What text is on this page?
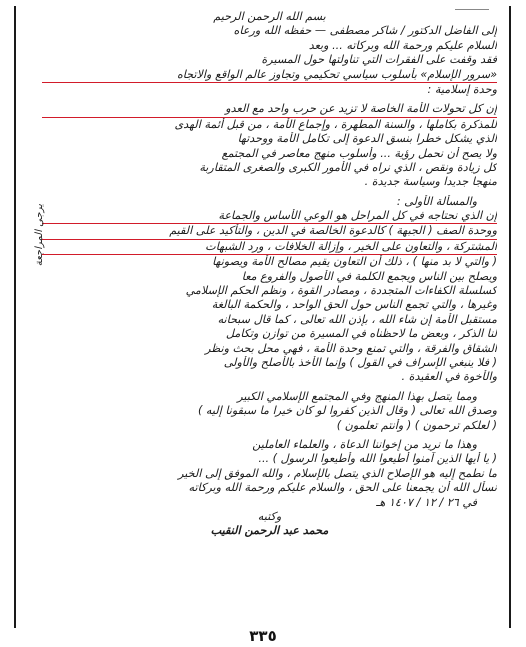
بسم الله الرحمن الرحيم
إلى الفاضل الدكتور / شاكر مصطفى — حفظه الله ورعاه
السلام عليكم ورحمة الله وبركاته ... وبعد
فقد وقفت على الفقرات التي تناولتها حول المسيرة
«سرور الإسلام» بأسلوب سياسي تحكيمي وتجاوز عالم الواقع والاتجاه
وحدة إسلامية :
إن كل تحولات الأمة الخاصة لا تزيد عن حرب واحد مع العدو
للمذكرة بكاملها ، والسنة المطهرة ، وإجماع الأمة ، من قبل أئمة الهدى
الذي يشكل خطرا بنسق الدعوة إلى تكامل الأمة ووحدتها
ولا يصح أن نحمل رؤية ... وأسلوب منهج معاصر في المجتمع
كل زيادة ونقص ، الذي نراه في الأمور الكبرى والصغرى المتقاربة
منهجا جديدا وسياسة جديدة .
والمسألة الأولى :
إن الذي نحتاجه في كل المراحل هو الوعي الأساس والجماعة
ووحدة الصف ( الجبهة ) كالدعوة الخالصة في الدين ، والتأكيد على القيم
المشتركة ، والتعاون على الخير ، وإزالة الخلافات ، ورد الشبهات
( والتي لا بد منها ) ، ذلك أن التعاون يقيم مصالح الأمة ويصونها
ويصلح بين الناس ويجمع الكلمة في الأصول والفروع معا
كسلسلة الكفاءات المتجددة ، ومصادر القوة ، ونظم الحكم الإسلامي
وغيرها ، والتي تجمع الناس حول الحق الواحد ، والحكمة البالغة
مستقبل الأمة إن شاء الله ، بإذن الله تعالى ، كما قال سبحانه
لنا الذكر ، وبعض ما لاحظناه في المسيرة من توازن وتكامل
الشقاق والفرقة ، والتي تمنع وحدة الأمة ، فهي محل بحث ونظر
( فلا ينبغي الإسراف في القول ) وإنما الأخذ بالأصلح والأولى
والأخوة في العقيدة .
ومما يتصل بهذا المنهج وفي المجتمع الإسلامي الكبير
وصدق الله تعالى ( وقال الذين كفروا لو كان خيرا ما سبقونا إليه )
( لعلكم ترحمون ) ( وأنتم تعلمون )
وهذا ما نريد من إخواننا الدعاة ، والعلماء العاملين
( يا أيها الذين آمنوا أطيعوا الله وأطيعوا الرسول ) ...
ما نطمح إليه هو الإصلاح الذي يتصل بالإسلام ، والله الموفق إلى الخير
نسأل الله أن يجمعنا على الحق ، والسلام عليكم ورحمة الله وبركاته
في ٢٦ / ١٢ / ١٤٠٧ هـ
وكتبه
محمد عبد الرحمن النقيب
يرجى المراجعة
٣٣٥
